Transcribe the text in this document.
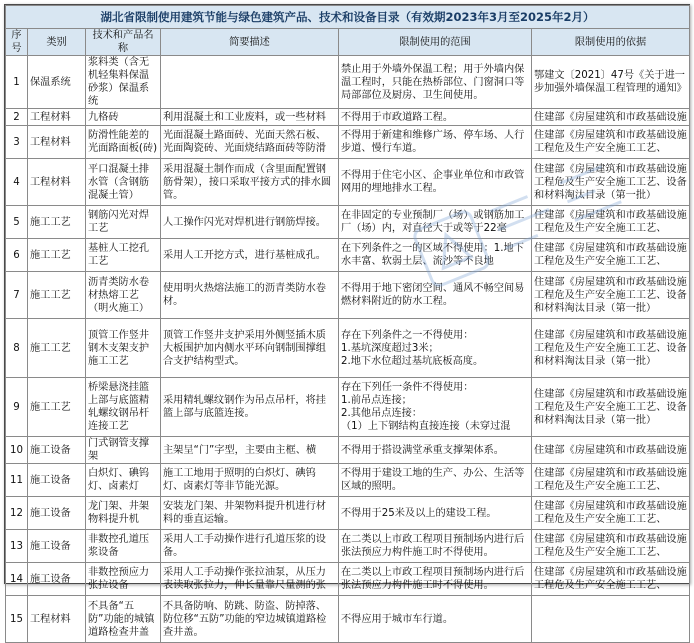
湖北省限制使用建筑节能与绿色建筑产品、技术和设备目录（有效期2023年3月至2025年2月）					
序号	类别	技术和产品名称	简要描述	限制使用的范围	限制使用的依据
1	保温系统	浆料类（含无机轻集料保温砂浆）保温系统		禁止用于外墙外保温工程；用于外墙内保温工程时，只能在热桥部位、门窗洞口等局部部位及厨房、卫生间使用。	鄂建文〔2021〕47号《关于进一步加强外墙保温工程管理的通知》
2	工程材料	九格砖	利用混凝土和工业废料，或一些材料	不得用于市政道路工程。	住建部《房屋建筑和市政基础设施
3	工程材料	防滑性能差的光面路面板(砖)	光面混凝土路面砖、光面天然石板、光面陶瓷砖、光面烧结路面砖等防滑	不得用于新建和维修广场、停车场、人行步道、慢行车道。	住建部《房屋建筑和市政基础设施工程危及生产安全施工工艺、
4	工程材料	平口混凝土排水管（含钢筋混凝土管）	采用混凝土制作而成（含里面配置钢筋骨架），接口采取平接方式的排水圆管。	不得用于住宅小区、企事业单位和市政管网用的埋地排水工程。	住建部《房屋建筑和市政基础设施工程危及生产安全施工工艺、设备和材料淘汰目录（第一批）
5	施工工艺	钢筋闪光对焊工艺	人工操作闪光对焊机进行钢筋焊接。	在非固定的专业预制厂（场）或钢筋加工厂（场）内，对直径大于或等于22毫	住建部《房屋建筑和市政基础设施工程危及生产安全施工工艺、
6	施工工艺	基桩人工挖孔工艺	采用人工开挖方式，进行基桩成孔。	在下列条件之一的区域不得使用：1.地下水丰富、软弱土层、流沙等不良地	住建部《房屋建筑和市政基础设施工程危及生产安全施工工艺、
7	施工工艺	沥青类防水卷材热熔工艺（明火施工）	使用明火热熔法施工的沥青类防水卷材。	不得用于地下密闭空间、通风不畅空间易燃材料附近的防水工程。	住建部《房屋建筑和市政基础设施工程危及生产安全施工工艺、设备和材料淘汰目录（第一批）
8	施工工艺	顶管工作竖井钢木支架支护施工工艺	顶管工作竖井支护采用外侧竖插木质大板围护加内侧水平环向钢制围撑组合支护结构型式。	存在下列条件之一不得使用：
1.基坑深度超过3米；
2.地下水位超过基坑底板高度。	住建部《房屋建筑和市政基础设施工程危及生产安全施工工艺、设备和材料淘汰目录（第一批）
9	施工工艺	桥梁悬浇挂篮上部与底篮精轧螺纹钢吊杆连接工艺	采用精轧螺纹钢作为吊点吊杆，将挂篮上部与底篮连接。	存在下列任一条件不得使用：
1.前吊点连接；
2.其他吊点连接：
（1）上下钢结构直接连接（未穿过混	住建部《房屋建筑和市政基础设施工程危及生产安全施工工艺、设备和材料淘汰目录（第一批）
10	施工设备	门式钢管支撑架	主架呈“门”字型，主要由主框、横	不得用于搭设满堂承重支撑架体系。	住建部《房屋建筑和市政基础设施
11	施工设备	白炽灯、碘钨灯、卤素灯	施工工地用于照明的白炽灯、碘钨灯、卤素灯等非节能光源。	不得用于建设工地的生产、办公、生活等区域的照明。	住建部《房屋建筑和市政基础设施工程危及生产安全施工工艺、
12	施工设备	龙门架、井架物料提升机	安装龙门架、井架物料提升机进行材料的垂直运输。	不得用于25米及以上的建设工程。	住建部《房屋建筑和市政基础设施工程危及生产安全施工工艺、
13	施工设备	非数控孔道压浆设备	采用人工手动操作进行孔道压浆的设备。	在二类以上市政工程项目预制场内进行后张法预应力构件施工时不得使用。	住建部《房屋建筑和市政基础设施工程危及生产安全施工工艺、
14	施工设备	非数控预应力张拉设备	采用人工手动操作张拉油泵，从压力表读取张拉力，伸长量靠尺量测的张	在二类以上市政工程项目预制场内进行后张法预应力构件施工时不得使用。	住建部《房屋建筑和市政基础设施工程危及生产安全施工工艺、
15	工程材料	不具备“五防”功能的城镇道路检查井盖	不具备防响、防跳、防盗、防掉落、防位移“五防”功能的窄边城镇道路检查井盖。	不得应用于城市车行道。	
